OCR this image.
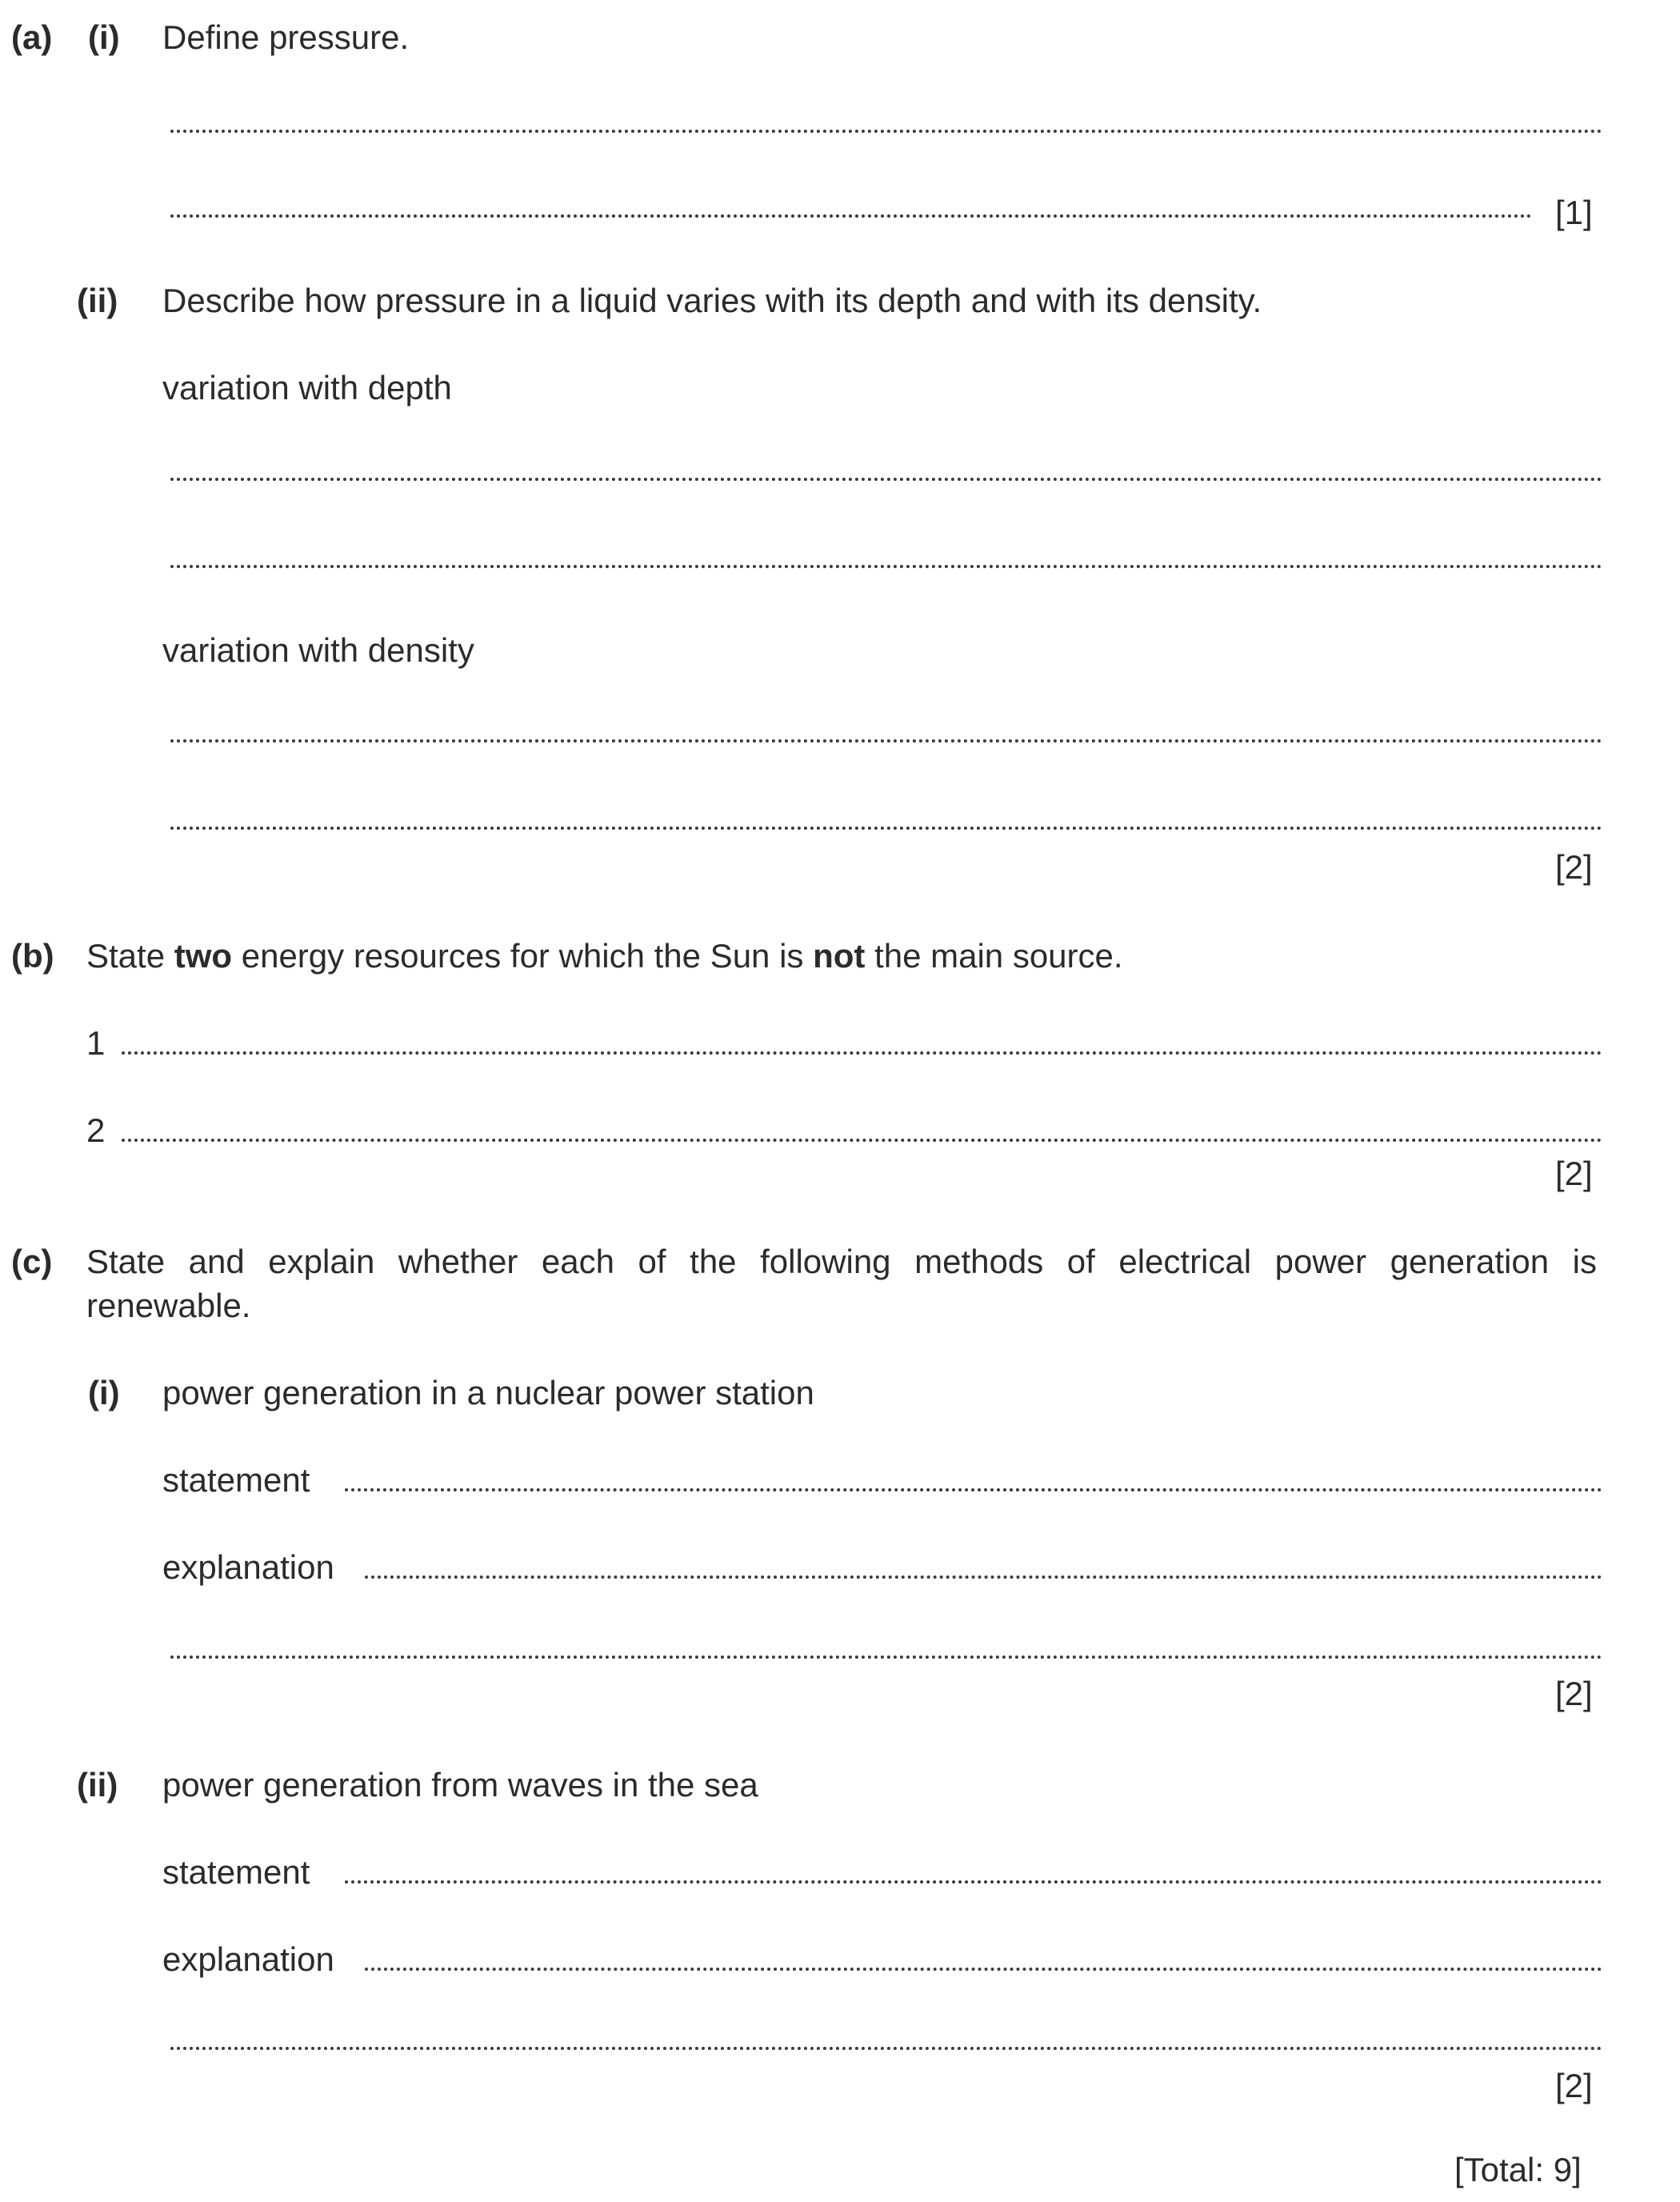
(a) (i) Define pressure.
[1]
(ii) Describe how pressure in a liquid varies with its depth and with its density.
variation with depth
variation with density
[2]
(b) State two energy resources for which the Sun is not the main source.
1
2
[2]
(c) State and explain whether each of the following methods of electrical power generation is
renewable.
(i) power generation in a nuclear power station
statement
explanation
[2]
(ii) power generation from waves in the sea
statement
explanation
[2]
[Total: 9]
